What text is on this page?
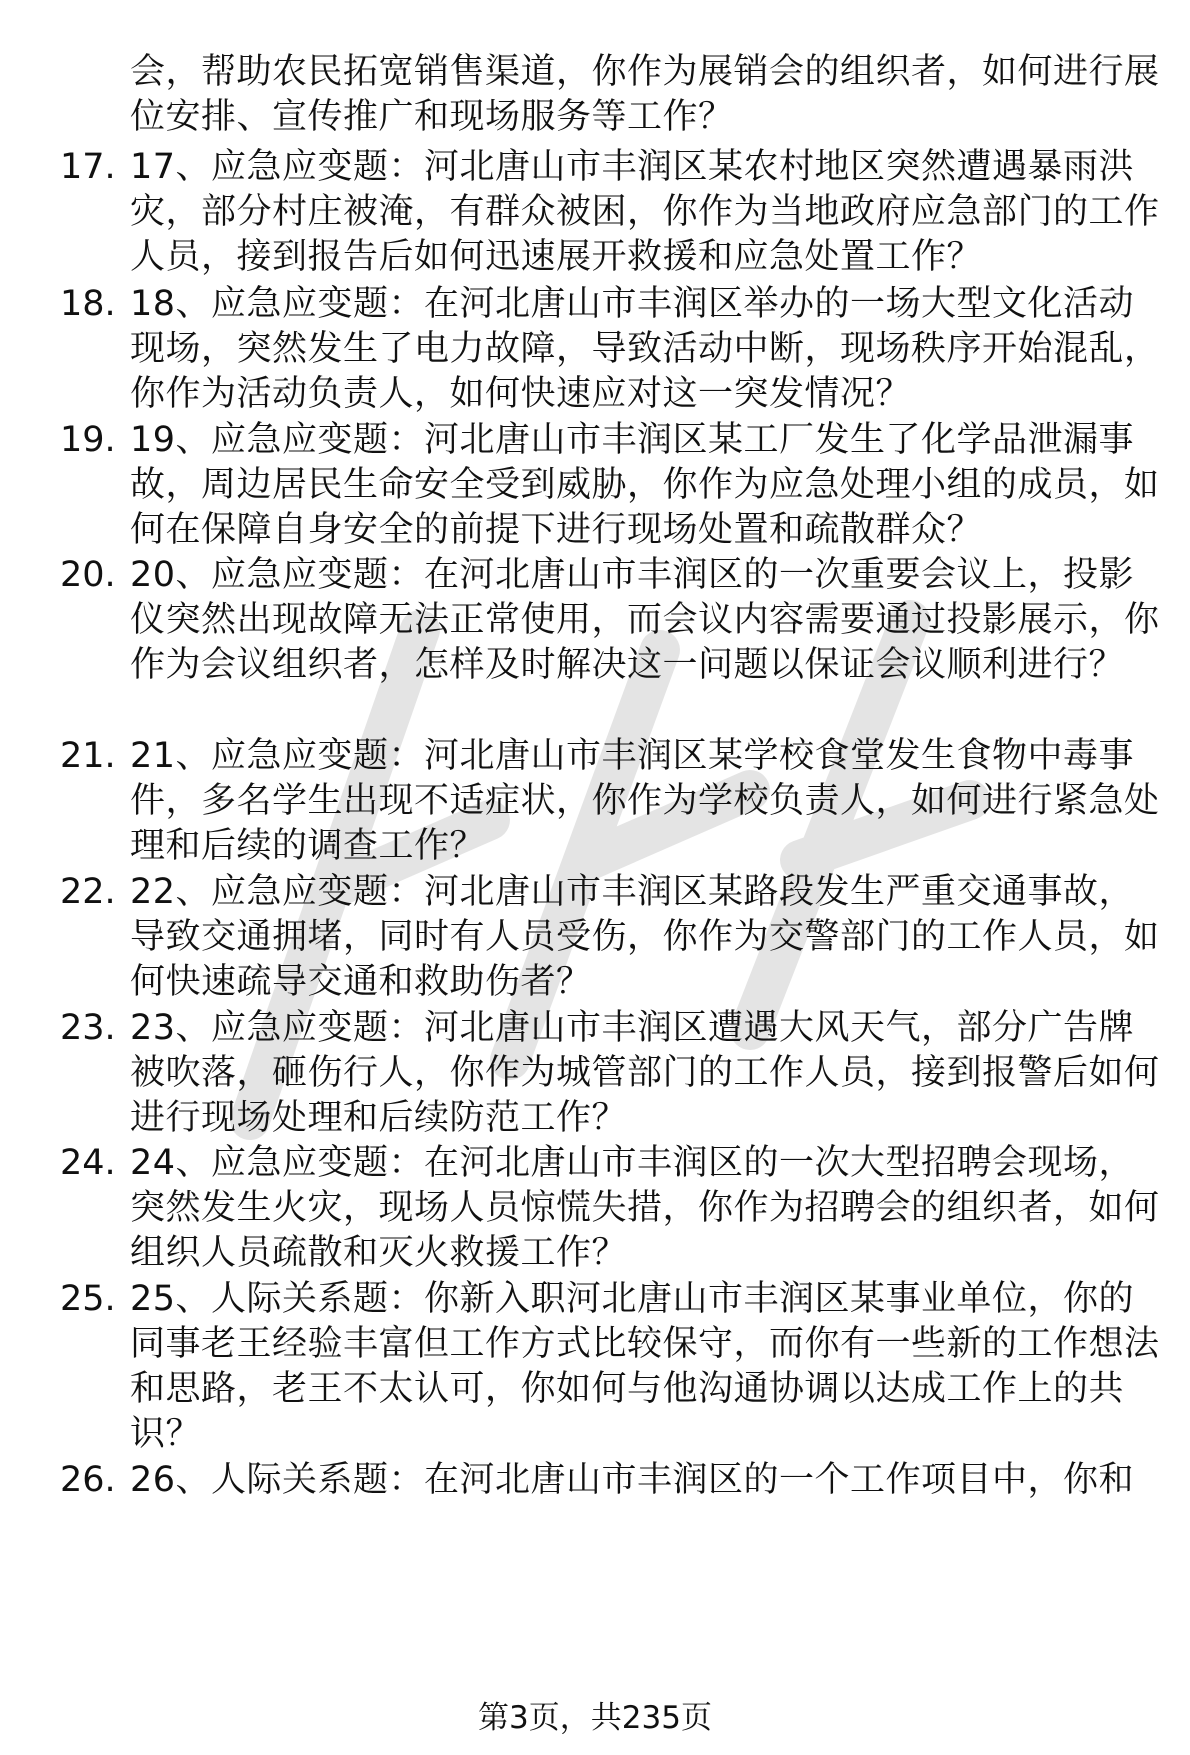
会，帮助农民拓宽销售渠道，你作为展销会的组织者，如何进行展位安排、宣传推广和现场服务等工作？

17. 17、应急应变题：河北唐山市丰润区某农村地区突然遭遇暴雨洪灾，部分村庄被淹，有群众被困，你作为当地政府应急部门的工作人员，接到报告后如何迅速展开救援和应急处置工作？

18. 18、应急应变题：在河北唐山市丰润区举办的一场大型文化活动现场，突然发生了电力故障，导致活动中断，现场秩序开始混乱，你作为活动负责人，如何快速应对这一突发情况？

19. 19、应急应变题：河北唐山市丰润区某工厂发生了化学品泄漏事故，周边居民生命安全受到威胁，你作为应急处理小组的成员，如何在保障自身安全的前提下进行现场处置和疏散群众？

20. 20、应急应变题：在河北唐山市丰润区的一次重要会议上，投影仪突然出现故障无法正常使用，而会议内容需要通过投影展示，你作为会议组织者，怎样及时解决这一问题以保证会议顺利进行？

21. 21、应急应变题：河北唐山市丰润区某学校食堂发生食物中毒事件，多名学生出现不适症状，你作为学校负责人，如何进行紧急处理和后续的调查工作？

22. 22、应急应变题：河北唐山市丰润区某路段发生严重交通事故，导致交通拥堵，同时有人员受伤，你作为交警部门的工作人员，如何快速疏导交通和救助伤者？

23. 23、应急应变题：河北唐山市丰润区遭遇大风天气，部分广告牌被吹落，砸伤行人，你作为城管部门的工作人员，接到报警后如何进行现场处理和后续防范工作？

24. 24、应急应变题：在河北唐山市丰润区的一次大型招聘会现场，突然发生火灾，现场人员惊慌失措，你作为招聘会的组织者，如何组织人员疏散和灭火救援工作？

25. 25、人际关系题：你新入职河北唐山市丰润区某事业单位，你的同事老王经验丰富但工作方式比较保守，而你有一些新的工作想法和思路，老王不太认可，你如何与他沟通协调以达成工作上的共识？

26. 26、人际关系题：在河北唐山市丰润区的一个工作项目中，你和

第3页，共235页
